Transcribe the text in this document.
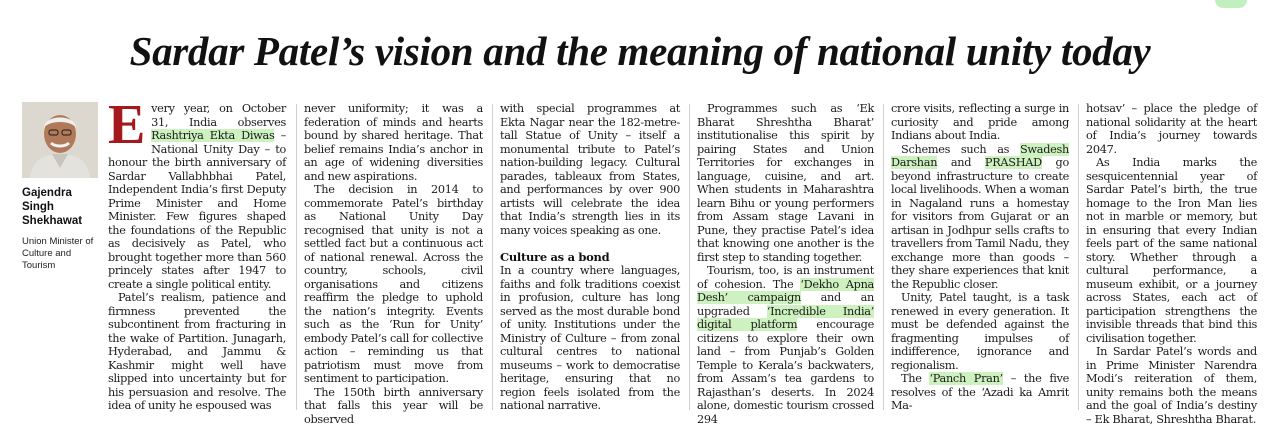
Sardar Patel’s vision and the meaning of national unity today
Gajendra Singh Shekhawat
Union Minister of Culture and Tourism

Every year, on October 31, India observes Rashtriya Ekta Diwas – National Unity Day – to honour the birth anniversary of Sardar Vallabhbhai Patel, Independent India’s first Deputy Prime Minister and Home Minister. Few figures shaped the foundations of the Republic as decisively as Patel, who brought together more than 560 princely states after 1947 to create a single political entity.

Patel’s realism, patience and firmness prevented the subcontinent from fracturing in the wake of Partition. Junagarh, Hyderabad, and Jammu & Kashmir might well have slipped into uncertainty but for his persuasion and resolve. The idea of unity he espoused was

never uniformity; it was a federation of minds and hearts bound by shared heritage. That belief remains India’s anchor in an age of widening diversities and new aspirations.

The decision in 2014 to commemorate Patel’s birthday as National Unity Day recognised that unity is not a settled fact but a continuous act of national renewal. Across the country, schools, civil organisations and citizens reaffirm the pledge to uphold the nation’s integrity. Events such as the ‘Run for Unity’ embody Patel’s call for collective action – reminding us that patriotism must move from sentiment to participation.

The 150th birth anniversary that falls this year will be observed

with special programmes at Ekta Nagar near the 182-metre-tall Statue of Unity – itself a monumental tribute to Patel’s nation-building legacy. Cultural parades, tableaux from States, and performances by over 900 artists will celebrate the idea that India’s strength lies in its many voices speaking as one.

Culture as a bond

In a country where languages, faiths and folk traditions coexist in profusion, culture has long served as the most durable bond of unity. Institutions under the Ministry of Culture – from zonal cultural centres to national museums – work to democratise heritage, ensuring that no region feels isolated from the national narrative.

Programmes such as ‘Ek Bharat Shreshtha Bharat’ institutionalise this spirit by pairing States and Union Territories for exchanges in language, cuisine, and art. When students in Maharashtra learn Bihu or young performers from Assam stage Lavani in Pune, they practise Patel’s idea that knowing one another is the first step to standing together.

Tourism, too, is an instrument of cohesion. The ‘Dekho Apna Desh’ campaign and an upgraded ‘Incredible India’ digital platform encourage citizens to explore their own land – from Punjab’s Golden Temple to Kerala’s backwaters, from Assam’s tea gardens to Rajasthan’s deserts. In 2024 alone, domestic tourism crossed 294

crore visits, reflecting a surge in curiosity and pride among Indians about India.

Schemes such as Swadesh Darshan and PRASHAD go beyond infrastructure to create local livelihoods. When a woman in Nagaland runs a homestay for visitors from Gujarat or an artisan in Jodhpur sells crafts to travellers from Tamil Nadu, they exchange more than goods – they share experiences that knit the Republic closer.

Unity, Patel taught, is a task renewed in every generation. It must be defended against the fragmenting impulses of indifference, ignorance and regionalism.

The ‘Panch Pran’ – the five resolves of the ‘Azadi ka Amrit Ma-

hotsav’ – place the pledge of national solidarity at the heart of India’s journey towards 2047.

As India marks the sesquicentennial year of Sardar Patel’s birth, the true homage to the Iron Man lies not in marble or memory, but in ensuring that every Indian feels part of the same national story. Whether through a cultural performance, a museum exhibit, or a journey across States, each act of participation strengthens the invisible threads that bind this civilisation together.

In Sardar Patel’s words and in Prime Minister Narendra Modi’s reiteration of them, unity remains both the means and the goal of India’s destiny – Ek Bharat, Shreshtha Bharat.
